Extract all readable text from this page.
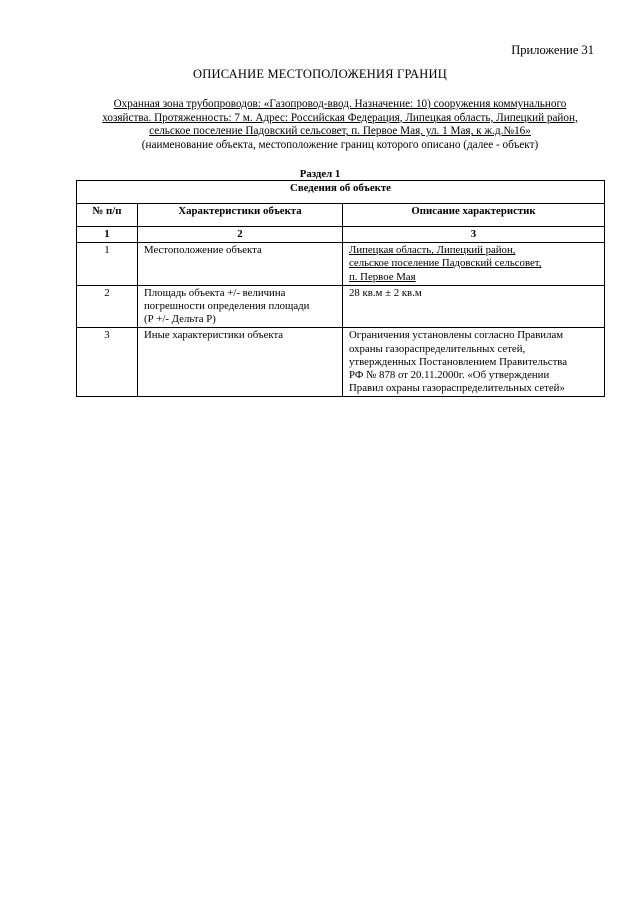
Приложение 31
ОПИСАНИЕ МЕСТОПОЛОЖЕНИЯ ГРАНИЦ
Охранная зона трубопроводов: «Газопровод-ввод. Назначение: 10) сооружения коммунального
хозяйства. Протяженность: 7 м. Адрес: Российская Федерация, Липецкая область, Липецкий район,
сельское поселение Падовский сельсовет, п. Первое Мая, ул. 1 Мая, к ж.д.№16»
(наименование объекта, местоположение границ которого описано (далее - объект)
Раздел 1
Сведения об объекте		
№ п/п	Характеристики объекта	Описание характеристик
1	2	3
1	Местоположение объекта	Липецкая область, Липецкий район,
сельское поселение Падовский сельсовет,
п. Первое Мая

2	Площадь объекта +/- величина
погрешности определения площади
(Р +/- Дельта Р)	28 кв.м ± 2 кв.м

3	Иные характеристики объекта	Ограничения установлены согласно Правилам
охраны газораспределительных сетей,
утвержденных Постановлением Правительства
РФ № 878 от 20.11.2000г. «Об утверждении
Правил охраны газораспределительных сетей»
